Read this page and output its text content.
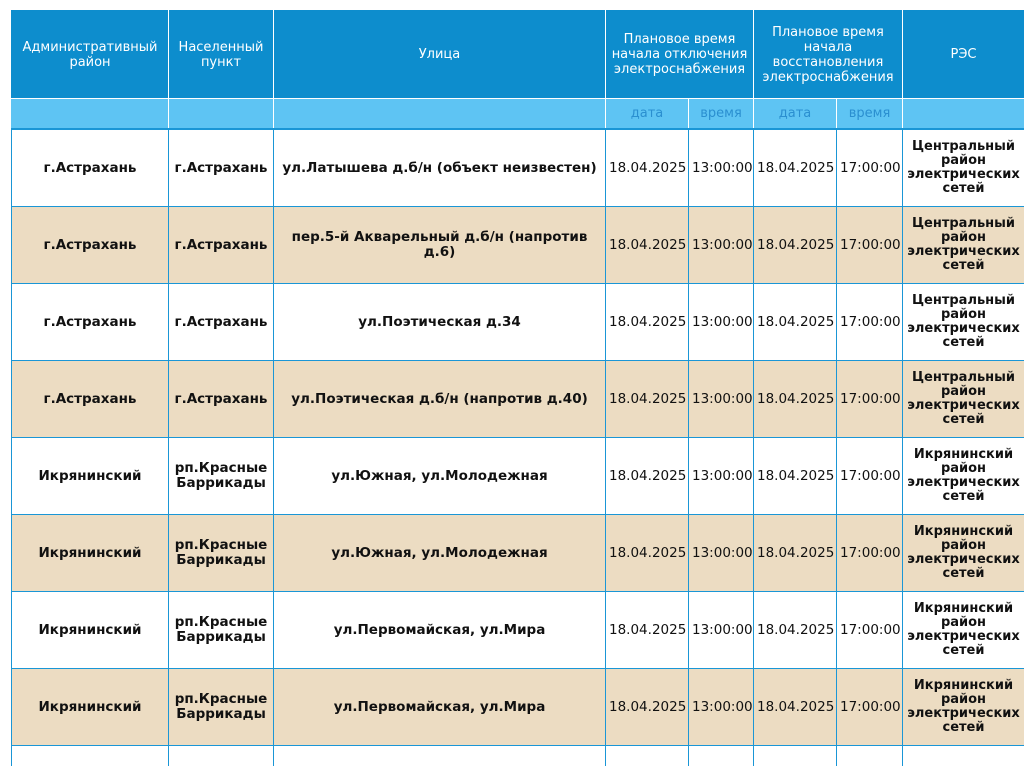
Административный район	Населенный пункт	Улица	Плановое время начала отключения электроснабжения		Плановое время начала восстановления электроснабжения		РЭС
			дата	время	дата	время	
г.Астрахань	г.Астрахань	ул.Латышева д.б/н (объект неизвестен)	18.04.2025	13:00:00	18.04.2025	17:00:00	Центральный район электрических сетей
г.Астрахань	г.Астрахань	пер.5-й Акварельный д.б/н (напротив д.6)	18.04.2025	13:00:00	18.04.2025	17:00:00	Центральный район электрических сетей
г.Астрахань	г.Астрахань	ул.Поэтическая д.34	18.04.2025	13:00:00	18.04.2025	17:00:00	Центральный район электрических сетей
г.Астрахань	г.Астрахань	ул.Поэтическая д.б/н (напротив д.40)	18.04.2025	13:00:00	18.04.2025	17:00:00	Центральный район электрических сетей
Икрянинский	рп.Красные Баррикады	ул.Южная, ул.Молодежная	18.04.2025	13:00:00	18.04.2025	17:00:00	Икрянинский район электрических сетей
Икрянинский	рп.Красные Баррикады	ул.Южная, ул.Молодежная	18.04.2025	13:00:00	18.04.2025	17:00:00	Икрянинский район электрических сетей
Икрянинский	рп.Красные Баррикады	ул.Первомайская, ул.Мира	18.04.2025	13:00:00	18.04.2025	17:00:00	Икрянинский район электрических сетей
Икрянинский	рп.Красные Баррикады	ул.Первомайская, ул.Мира	18.04.2025	13:00:00	18.04.2025	17:00:00	Икрянинский район электрических сетей
